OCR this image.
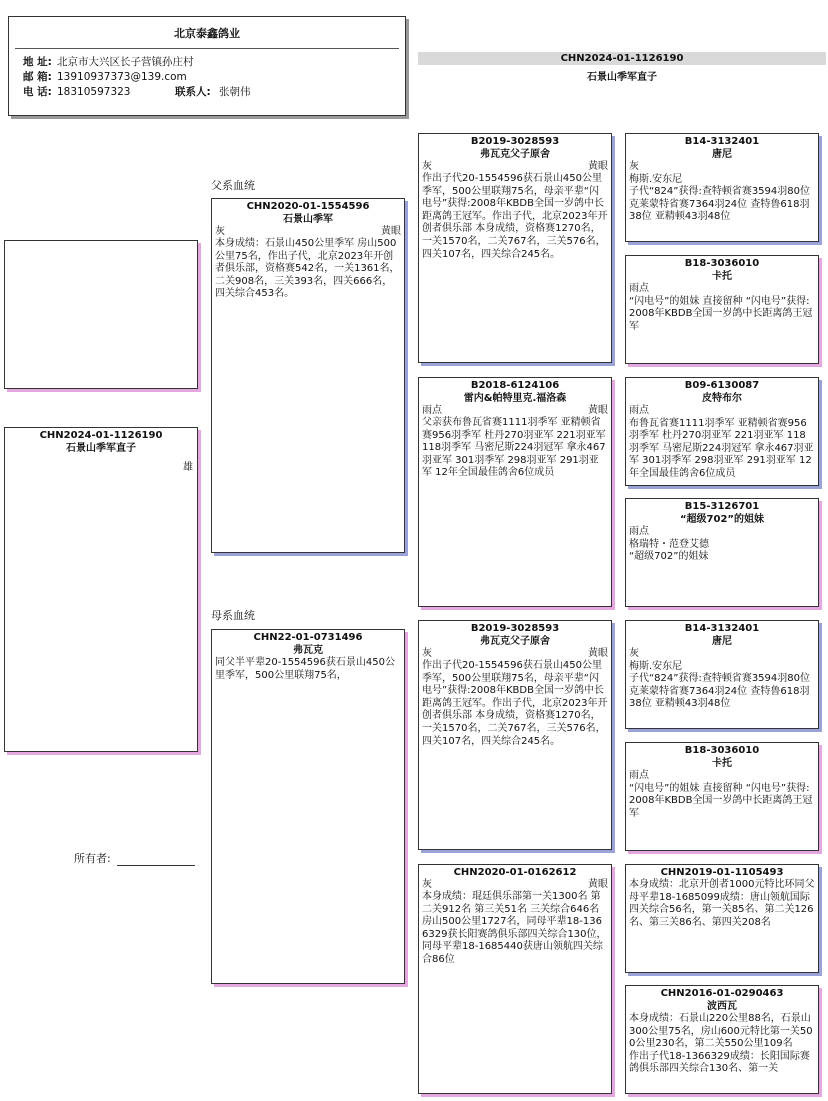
北京泰鑫鸽业
地 址: 北京市大兴区长子营镇孙庄村
邮 箱: 13910937373@139.com
电 话: 18310597323	联系人: 张朝伟
CHN2024-01-1126190
石景山季军直子
CHN2024-01-1126190
石景山季军直子
雄
所有者:
父系血统
CHN2020-01-1554596
石景山季军
灰	黄眼
本身成绩：石景山450公里季军 房山500公里75名，作出子代，北京2023年开创者俱乐部，资格赛542名，一关1361名，二关908名，三关393名，四关666名，四关综合453名。
母系血统
CHN22-01-0731496
弗瓦克
同父半平辈20-1554596获石景山450公里季军，500公里联翔75名，
B2019-3028593
弗瓦克父子原舍
灰	黄眼
作出子代20-1554596获石景山450公里季军，500公里联翔75名，母亲平辈“闪电号”获得:2008年KBDB全国一岁鸽中长距离鸽王冠军。作出子代，北京2023年开创者俱乐部 本身成绩，资格赛1270名，一关1570名，二关767名，三关576名，四关107名，四关综合245名。
B2018-6124106
雷内&帕特里克.福洛森
雨点	黄眼
父亲获布鲁瓦省赛1111羽季军 亚精顿省赛956羽季军 杜丹270羽亚军 221羽亚军 118羽季军 马密尼斯224羽冠军 拿永467羽亚军 301羽季军 298羽亚军 291羽亚军 12年全国最佳鸽舍6位成员
B2019-3028593
弗瓦克父子原舍
灰	黄眼
作出子代20-1554596获石景山450公里季军，500公里联翔75名，母亲平辈“闪电号”获得:2008年KBDB全国一岁鸽中长距离鸽王冠军。作出子代，北京2023年开创者俱乐部 本身成绩，资格赛1270名，一关1570名，二关767名，三关576名，四关107名，四关综合245名。
CHN2020-01-0162612
灰	黄眼
本身成绩：琨廷俱乐部第一关1300名 第二关912名 第三关51名 三关综合646名 房山500公里1727名，同母平辈18-1366329获长阳赛鸽俱乐部四关综合130位，同母平辈18-1685440获唐山领航四关综合86位
B14-3132401
唐尼
灰
梅斯.安东尼
子代“824”获得:查特顿省赛3594羽80位 克莱蒙特省赛7364羽24位 查特鲁618羽38位 亚精顿43羽48位
B18-3036010
卡托
雨点
“闪电号”的姐妹 直接留种 “闪电号”获得:2008年KBDB全国一岁鸽中长距离鸽王冠军
B09-6130087
皮特布尔
雨点
布鲁瓦省赛1111羽季军 亚精顿省赛956羽季军 杜丹270羽亚军 221羽亚军 118羽季军 马密尼斯224羽冠军 拿永467羽亚军 301羽季军 298羽亚军 291羽亚军 12年全国最佳鸽舍6位成员
B15-3126701
“超级702”的姐妹
雨点
格瑞特・范登艾德
“超级702”的姐妹
B14-3132401
唐尼
灰
梅斯.安东尼
子代“824”获得:查特顿省赛3594羽80位 克莱蒙特省赛7364羽24位 查特鲁618羽38位 亚精顿43羽48位
B18-3036010
卡托
雨点
“闪电号”的姐妹 直接留种 “闪电号”获得:2008年KBDB全国一岁鸽中长距离鸽王冠军
CHN2019-01-1105493
本身成绩：北京开创者1000元特比环同父母平辈18-1685099成绩：唐山领航国际四关综合56名，第一关85名、第二关126名、第三关86名、第四关208名
CHN2016-01-0290463
波西瓦
本身成绩：石景山220公里88名，石景山300公里75名，房山600元特比第一关500公里230名，第二关550公里109名
作出子代18-1366329成绩：长阳国际赛鸽俱乐部四关综合130名、第一关
